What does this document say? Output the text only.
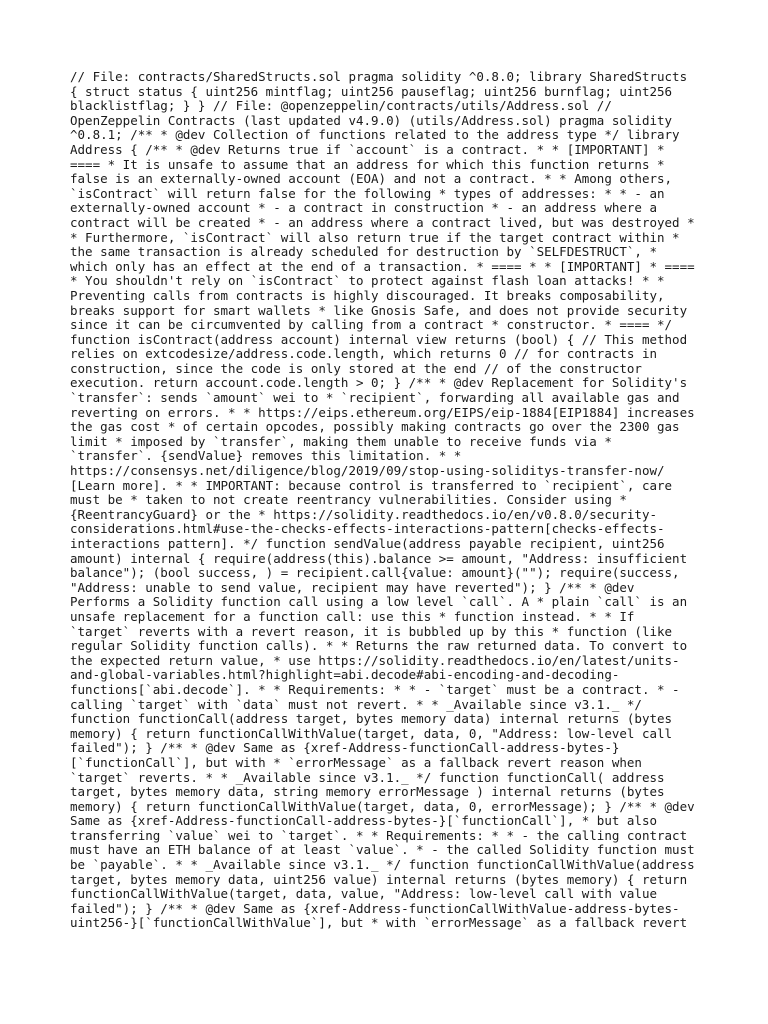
// File: contracts/SharedStructs.sol pragma solidity ^0.8.0; library SharedStructs
{ struct status { uint256 mintflag; uint256 pauseflag; uint256 burnflag; uint256
blacklistflag; } } // File: @openzeppelin/contracts/utils/Address.sol //
OpenZeppelin Contracts (last updated v4.9.0) (utils/Address.sol) pragma solidity
^0.8.1; /** * @dev Collection of functions related to the address type */ library
Address { /** * @dev Returns true if `account` is a contract. * * [IMPORTANT] *
==== * It is unsafe to assume that an address for which this function returns *
false is an externally-owned account (EOA) and not a contract. * * Among others,
`isContract` will return false for the following * types of addresses: * * - an
externally-owned account * - a contract in construction * - an address where a
contract will be created * - an address where a contract lived, but was destroyed *
* Furthermore, `isContract` will also return true if the target contract within *
the same transaction is already scheduled for destruction by `SELFDESTRUCT`, *
which only has an effect at the end of a transaction. * ==== * * [IMPORTANT] * ====
* You shouldn't rely on `isContract` to protect against flash loan attacks! * *
Preventing calls from contracts is highly discouraged. It breaks composability,
breaks support for smart wallets * like Gnosis Safe, and does not provide security
since it can be circumvented by calling from a contract * constructor. * ==== */
function isContract(address account) internal view returns (bool) { // This method
relies on extcodesize/address.code.length, which returns 0 // for contracts in
construction, since the code is only stored at the end // of the constructor
execution. return account.code.length > 0; } /** * @dev Replacement for Solidity's
`transfer`: sends `amount` wei to * `recipient`, forwarding all available gas and
reverting on errors. * * https://eips.ethereum.org/EIPS/eip-1884[EIP1884] increases
the gas cost * of certain opcodes, possibly making contracts go over the 2300 gas
limit * imposed by `transfer`, making them unable to receive funds via *
`transfer`. {sendValue} removes this limitation. * *
https://consensys.net/diligence/blog/2019/09/stop-using-soliditys-transfer-now/
[Learn more]. * * IMPORTANT: because control is transferred to `recipient`, care
must be * taken to not create reentrancy vulnerabilities. Consider using *
{ReentrancyGuard} or the * https://solidity.readthedocs.io/en/v0.8.0/security-
considerations.html#use-the-checks-effects-interactions-pattern[checks-effects-
interactions pattern]. */ function sendValue(address payable recipient, uint256
amount) internal { require(address(this).balance >= amount, "Address: insufficient
balance"); (bool success, ) = recipient.call{value: amount}(""); require(success,
"Address: unable to send value, recipient may have reverted"); } /** * @dev
Performs a Solidity function call using a low level `call`. A * plain `call` is an
unsafe replacement for a function call: use this * function instead. * * If
`target` reverts with a revert reason, it is bubbled up by this * function (like
regular Solidity function calls). * * Returns the raw returned data. To convert to
the expected return value, * use https://solidity.readthedocs.io/en/latest/units-
and-global-variables.html?highlight=abi.decode#abi-encoding-and-decoding-
functions[`abi.decode`]. * * Requirements: * * - `target` must be a contract. * -
calling `target` with `data` must not revert. * * _Available since v3.1._ */
function functionCall(address target, bytes memory data) internal returns (bytes
memory) { return functionCallWithValue(target, data, 0, "Address: low-level call
failed"); } /** * @dev Same as {xref-Address-functionCall-address-bytes-}
[`functionCall`], but with * `errorMessage` as a fallback revert reason when
`target` reverts. * * _Available since v3.1._ */ function functionCall( address
target, bytes memory data, string memory errorMessage ) internal returns (bytes
memory) { return functionCallWithValue(target, data, 0, errorMessage); } /** * @dev
Same as {xref-Address-functionCall-address-bytes-}[`functionCall`], * but also
transferring `value` wei to `target`. * * Requirements: * * - the calling contract
must have an ETH balance of at least `value`. * - the called Solidity function must
be `payable`. * * _Available since v3.1._ */ function functionCallWithValue(address
target, bytes memory data, uint256 value) internal returns (bytes memory) { return
functionCallWithValue(target, data, value, "Address: low-level call with value
failed"); } /** * @dev Same as {xref-Address-functionCallWithValue-address-bytes-
uint256-}[`functionCallWithValue`], but * with `errorMessage` as a fallback revert
